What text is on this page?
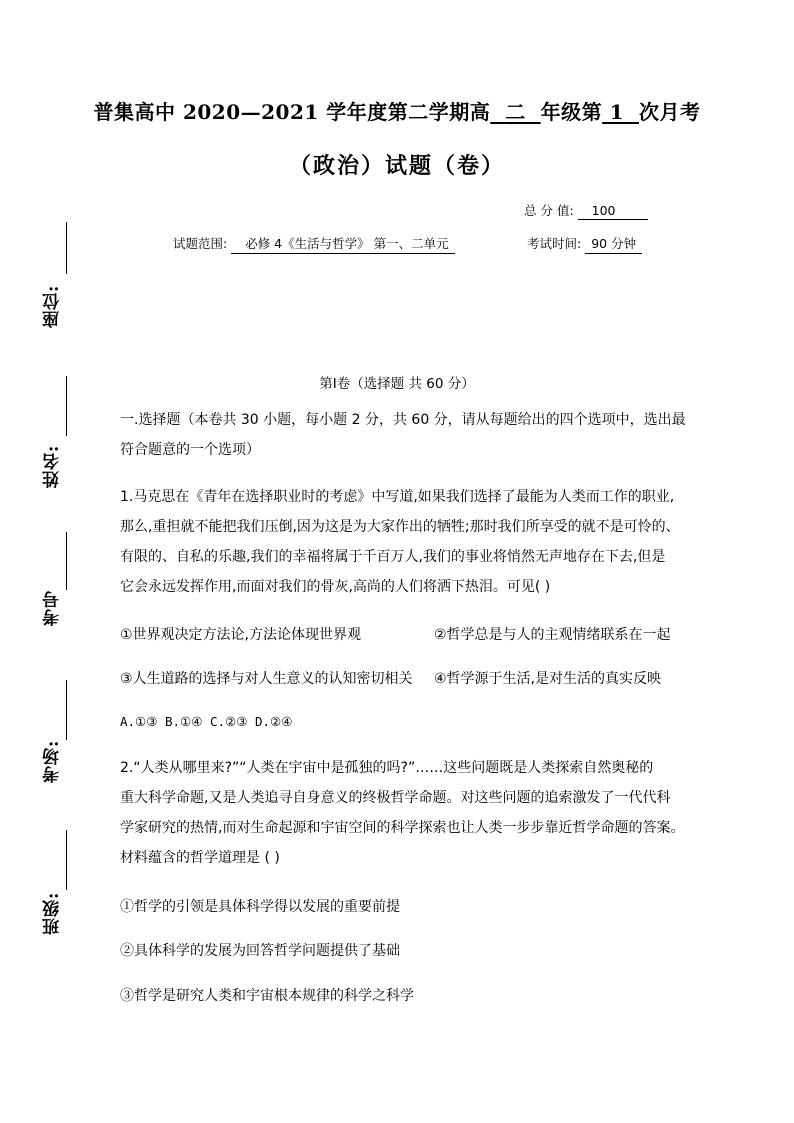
座位:
姓名:
考号
考场:
班级:
普集高中 2020—2021 学年度第二学期高 二 年级第 1 次月考
（政治）试题（卷）
总 分 值: 100
试题范围: 必修 4《生活与哲学》 第一、二单元	考试时间: 90 分钟
第Ⅰ卷（选择题 共 60 分）
一.选择题（本卷共 30 小题，每小题 2 分，共 60 分，请从每题给出的四个选项中，选出最
符合题意的一个选项）
1.马克思在《青年在选择职业时的考虑》中写道,如果我们选择了最能为人类而工作的职业,
那么,重担就不能把我们压倒,因为这是为大家作出的牺牲;那时我们所享受的就不是可怜的、
有限的、自私的乐趣,我们的幸福将属于千百万人,我们的事业将悄然无声地存在下去,但是
它会永远发挥作用,而面对我们的骨灰,高尚的人们将洒下热泪。可见( )
①世界观决定方法论,方法论体现世界观	②哲学总是与人的主观情绪联系在一起
③人生道路的选择与对人生意义的认知密切相关 ④哲学源于生活,是对生活的真实反映
A.①③ B.①④ C.②③ D.②④
2.“人类从哪里来?”“人类在宇宙中是孤独的吗?”……这些问题既是人类探索自然奥秘的
重大科学命题,又是人类追寻自身意义的终极哲学命题。对这些问题的追索激发了一代代科
学家研究的热情,而对生命起源和宇宙空间的科学探索也让人类一步步靠近哲学命题的答案。
材料蕴含的哲学道理是 ( )
①哲学的引领是具体科学得以发展的重要前提
②具体科学的发展为回答哲学问题提供了基础
③哲学是研究人类和宇宙根本规律的科学之科学
